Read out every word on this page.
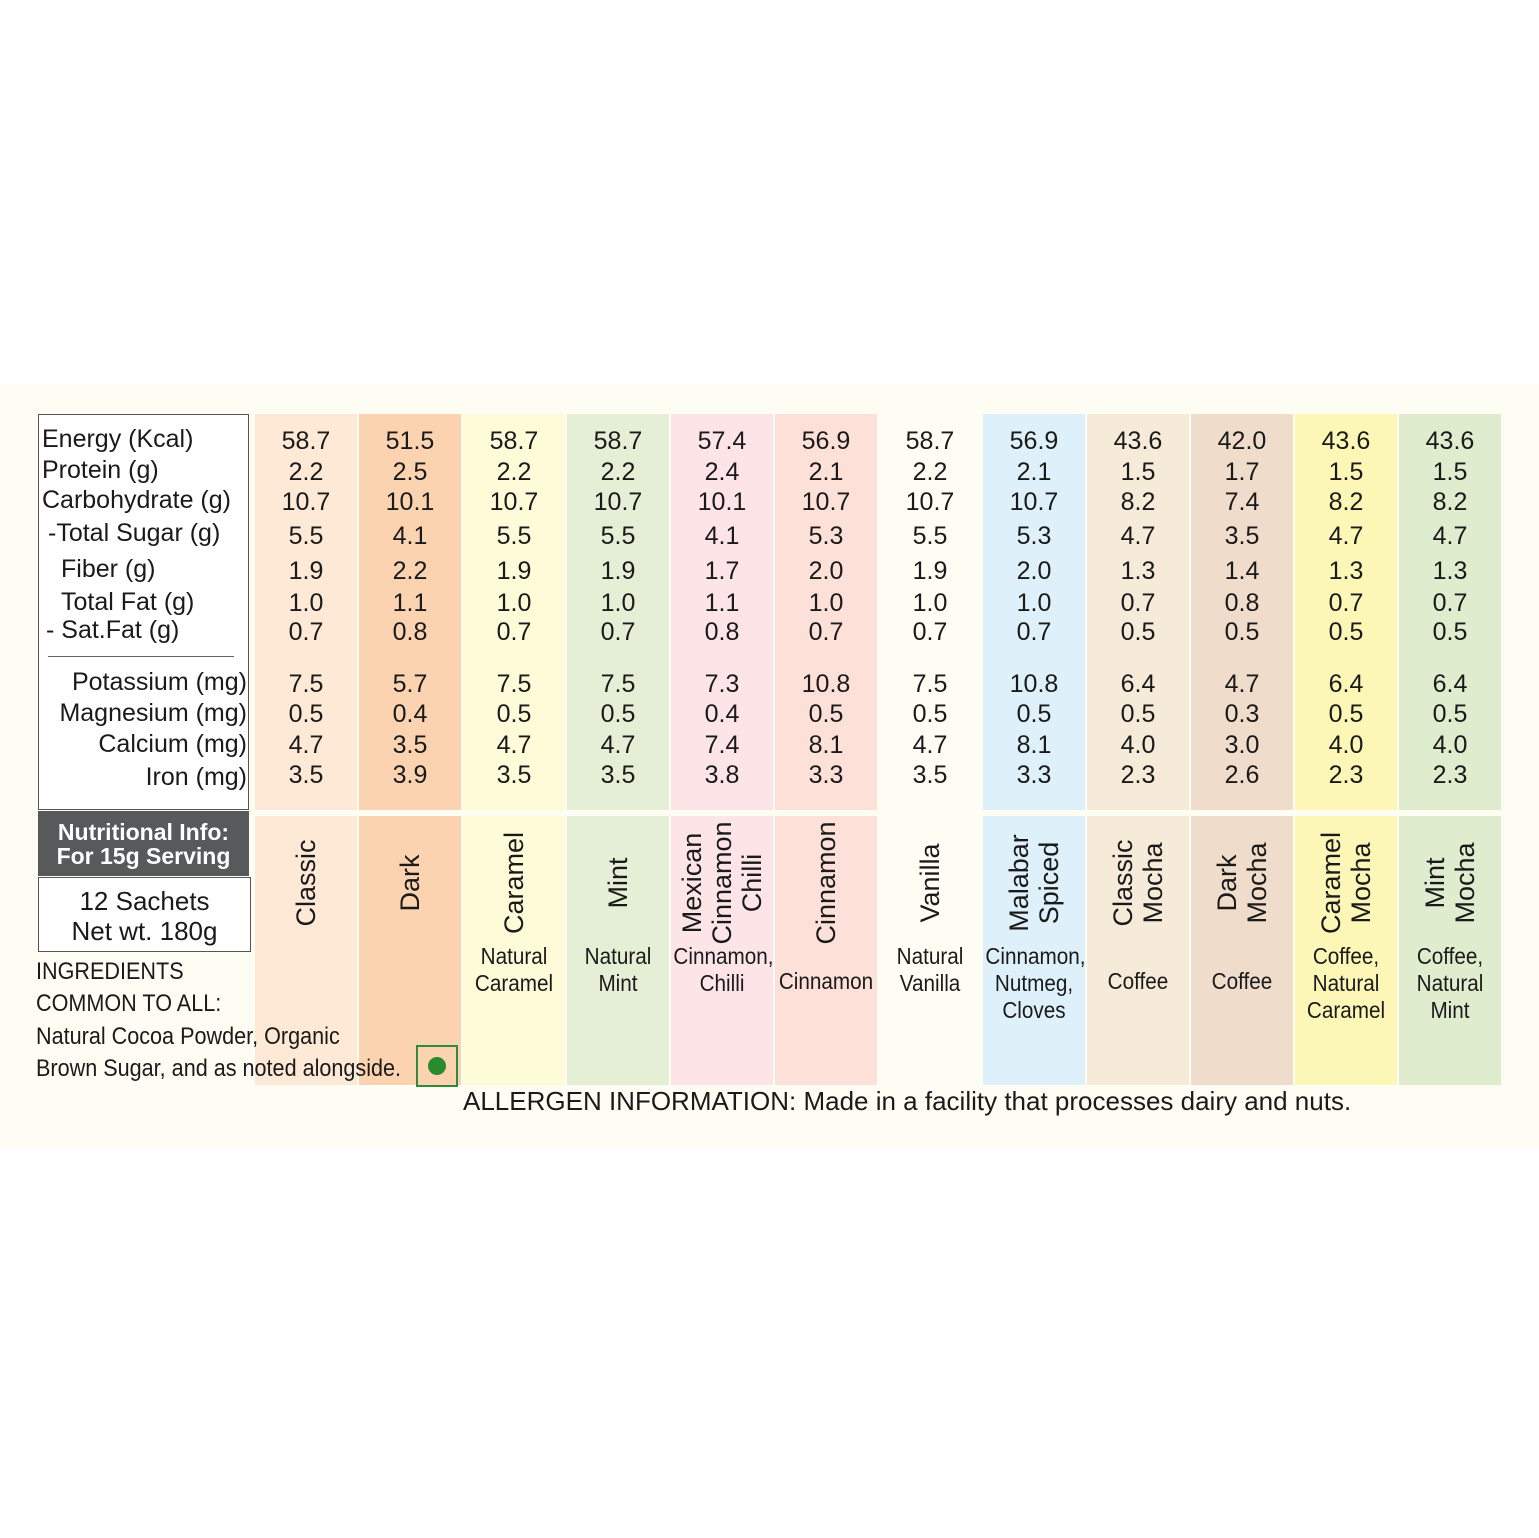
58.7
2.2
10.7
5.5
1.9
1.0
0.7
7.5
0.5
4.7
3.5
Classic
51.5
2.5
10.1
4.1
2.2
1.1
0.8
5.7
0.4
3.5
3.9
Dark
58.7
2.2
10.7
5.5
1.9
1.0
0.7
7.5
0.5
4.7
3.5
Caramel
Natural
Caramel
58.7
2.2
10.7
5.5
1.9
1.0
0.7
7.5
0.5
4.7
3.5
Mint
Natural
Mint
57.4
2.4
10.1
4.1
1.7
1.1
0.8
7.3
0.4
7.4
3.8
Mexican Cinnamon Chilli
Cinnamon,
Chilli
56.9
2.1
10.7
5.3
2.0
1.0
0.7
10.8
0.5
8.1
3.3
Cinnamon
Cinnamon
58.7
2.2
10.7
5.5
1.9
1.0
0.7
7.5
0.5
4.7
3.5
Vanilla
Natural
Vanilla
56.9
2.1
10.7
5.3
2.0
1.0
0.7
10.8
0.5
8.1
3.3
Malabar Spiced
Cinnamon,
Nutmeg,
Cloves
43.6
1.5
8.2
4.7
1.3
0.7
0.5
6.4
0.5
4.0
2.3
Classic Mocha
Coffee
42.0
1.7
7.4
3.5
1.4
0.8
0.5
4.7
0.3
3.0
2.6
Dark Mocha
Coffee
43.6
1.5
8.2
4.7
1.3
0.7
0.5
6.4
0.5
4.0
2.3
Caramel Mocha
Coffee,
Natural
Caramel
43.6
1.5
8.2
4.7
1.3
0.7
0.5
6.4
0.5
4.0
2.3
Mint Mocha
Coffee,
Natural
Mint
Energy (Kcal)
Protein (g)
Carbohydrate (g)
-Total Sugar (g)
Fiber (g)
Total Fat (g)
- Sat.Fat (g)
Potassium (mg)
Magnesium (mg)
Calcium (mg)
Iron (mg)
Nutritional Info:
For 15g Serving
12 Sachets
Net wt. 180g
INGREDIENTS
COMMON TO ALL:
Natural Cocoa Powder, Organic
Brown Sugar, and as noted alongside.
ALLERGEN INFORMATION: Made in a facility that processes dairy and nuts.
